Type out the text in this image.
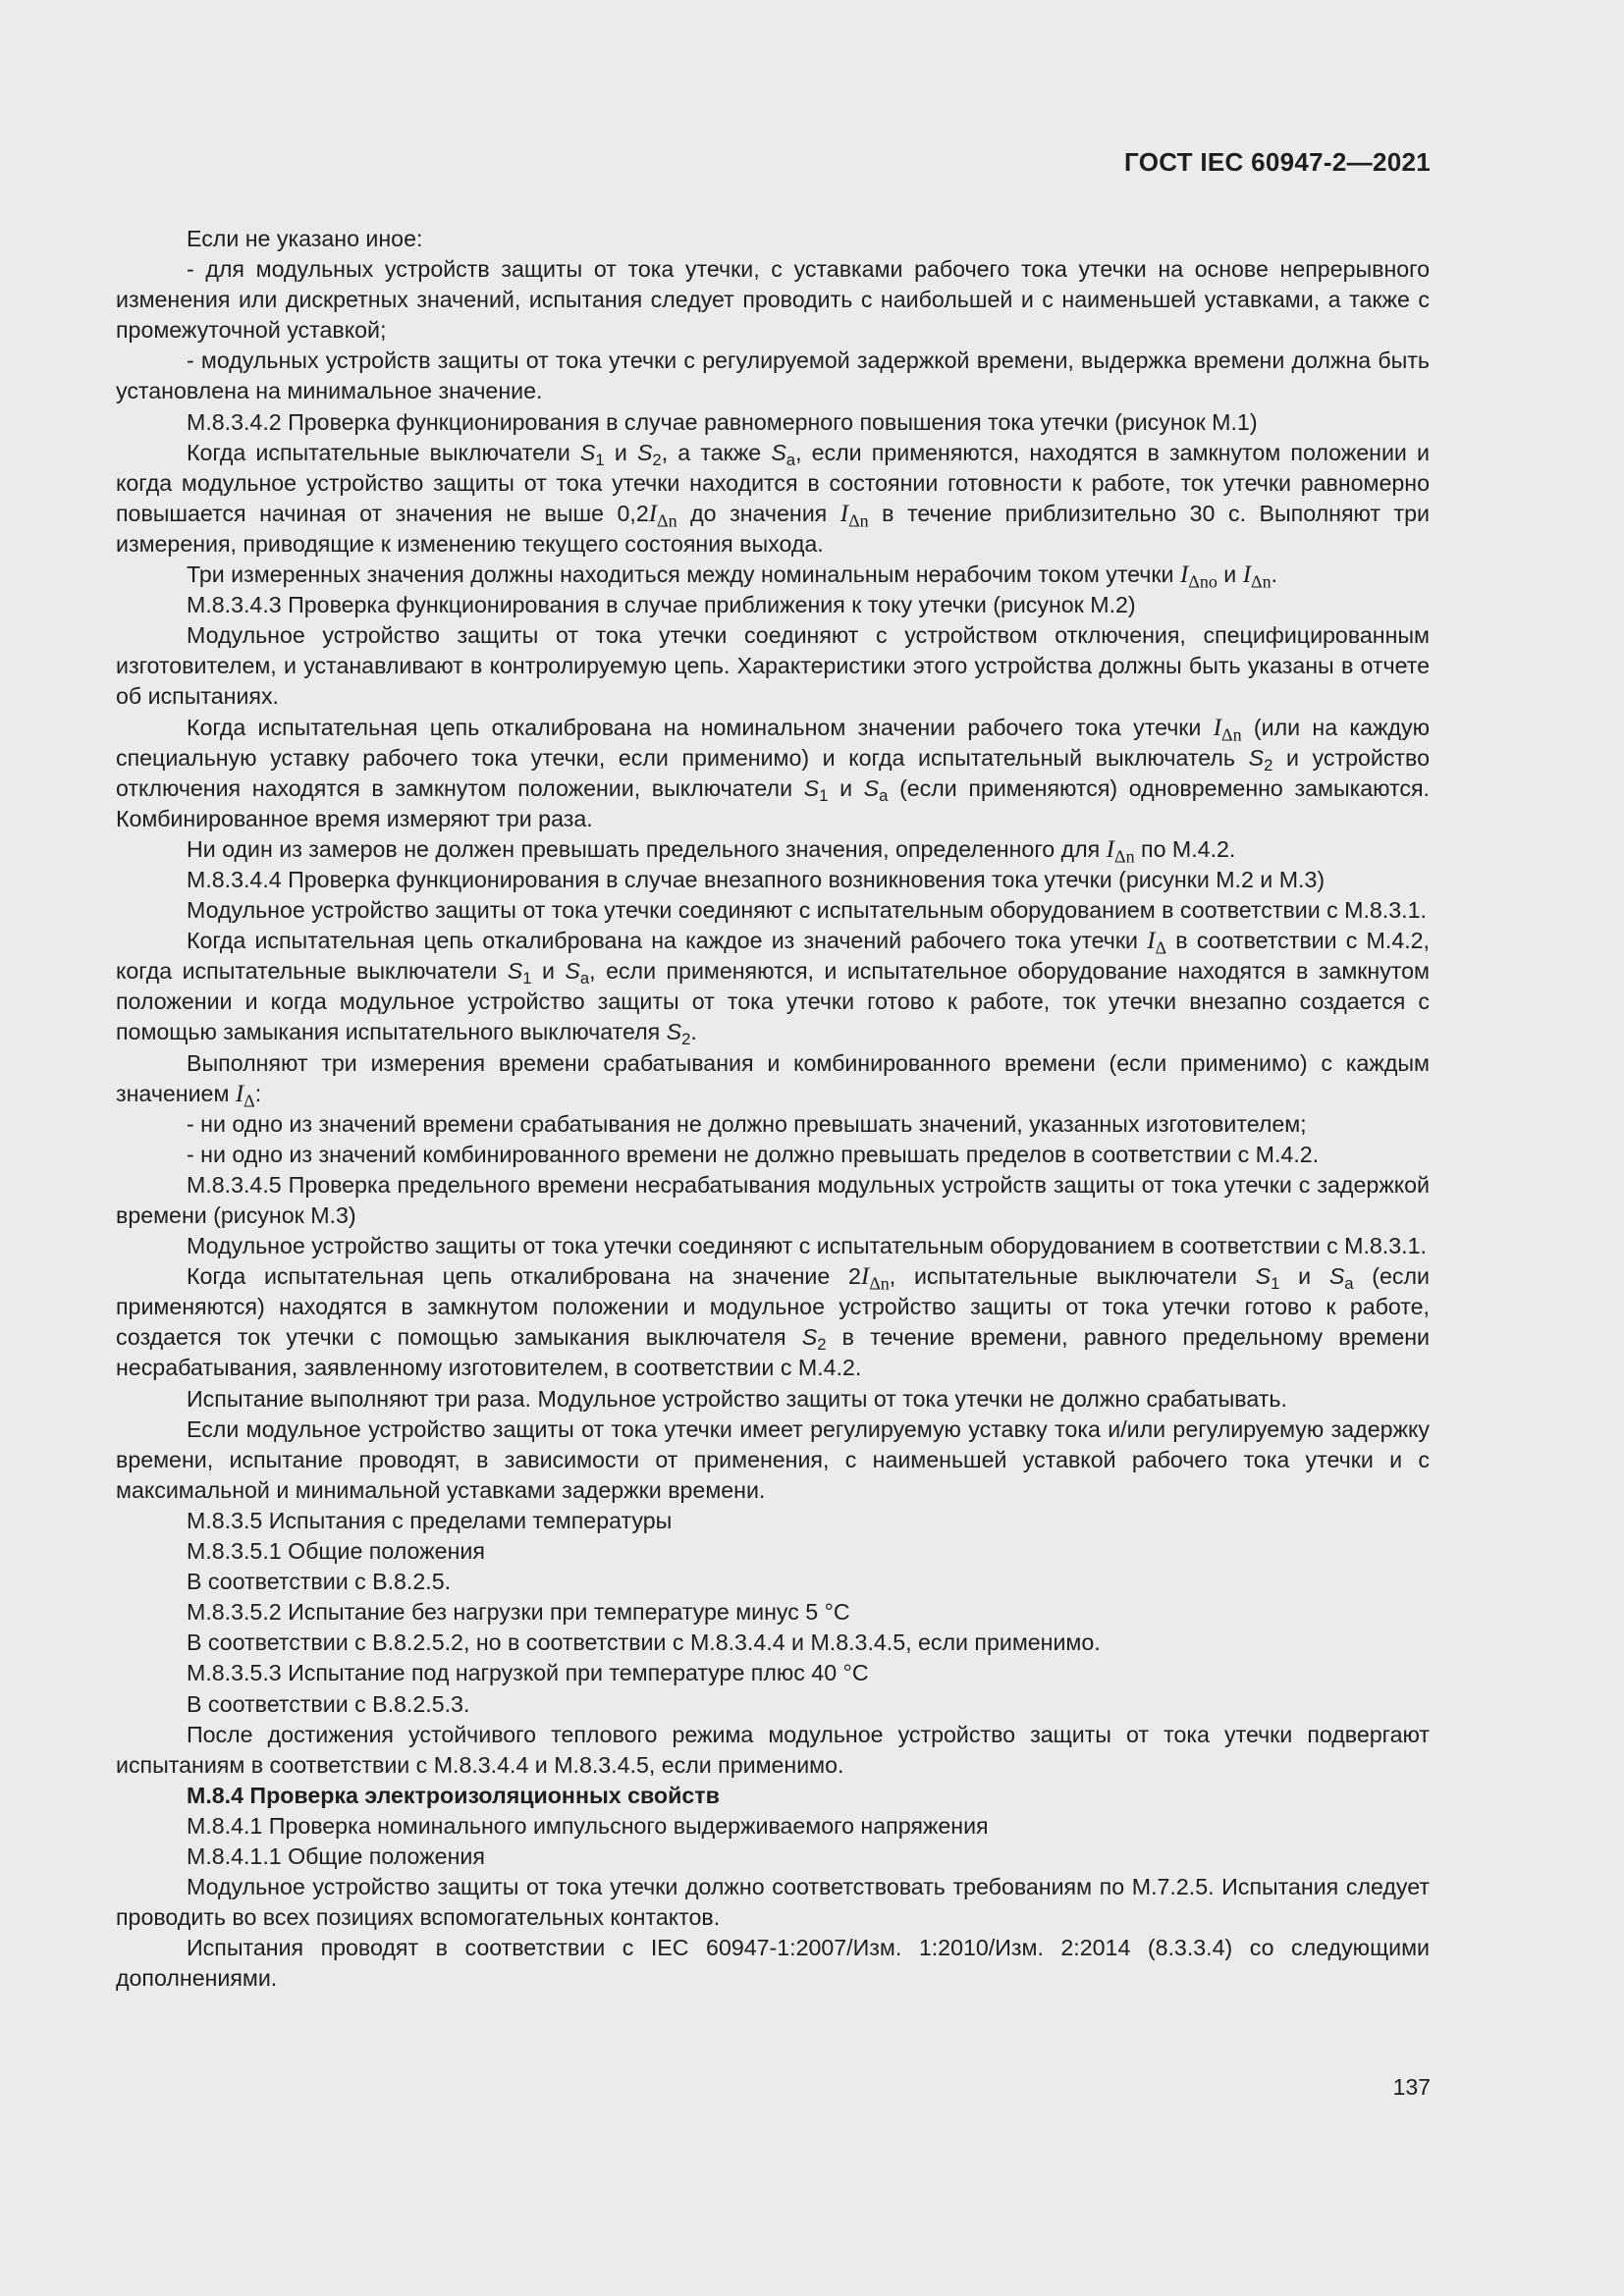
ГОСТ IEC 60947-2—2021

Если не указано иное:

- для модульных устройств защиты от тока утечки, с уставками рабочего тока утечки на основе непрерывного изменения или дискретных значений, испытания следует проводить с наибольшей и с наименьшей уставками, а также с промежуточной уставкой;

- модульных устройств защиты от тока утечки с регулируемой задержкой времени, выдержка времени должна быть установлена на минимальное значение.

М.8.3.4.2 Проверка функционирования в случае равномерного повышения тока утечки (рисунок М.1)

Когда испытательные выключатели $S_1$ и $S_2$, а также $S_a$, если применяются, находятся в замкнутом положении и когда модульное устройство защиты от тока утечки находится в состоянии готовности к работе, ток утечки равномерно повышается начиная от значения не выше $0,2I_{\Delta n}$ до значения $I_{\Delta n}$ в течение приблизительно 30 с. Выполняют три измерения, приводящие к изменению текущего состояния выхода.

Три измеренных значения должны находиться между номинальным нерабочим током утечки $I_{\Delta no}$ и $I_{\Delta n}$.

М.8.3.4.3 Проверка функционирования в случае приближения к току утечки (рисунок М.2)

Модульное устройство защиты от тока утечки соединяют с устройством отключения, специфицированным изготовителем, и устанавливают в контролируемую цепь. Характеристики этого устройства должны быть указаны в отчете об испытаниях.

Когда испытательная цепь откалибрована на номинальном значении рабочего тока утечки $I_{\Delta n}$ (или на каждую специальную уставку рабочего тока утечки, если применимо) и когда испытательный выключатель $S_2$ и устройство отключения находятся в замкнутом положении, выключатели $S_1$ и $S_a$ (если применяются) одновременно замыкаются. Комбинированное время измеряют три раза.

Ни один из замеров не должен превышать предельного значения, определенного для $I_{\Delta n}$ по М.4.2.

М.8.3.4.4 Проверка функционирования в случае внезапного возникновения тока утечки (рисунки М.2 и М.3)

Модульное устройство защиты от тока утечки соединяют с испытательным оборудованием в соответствии с М.8.3.1.

Когда испытательная цепь откалибрована на каждое из значений рабочего тока утечки $I_\Delta$ в соответствии с М.4.2, когда испытательные выключатели $S_1$ и $S_a$, если применяются, и испытательное оборудование находятся в замкнутом положении и когда модульное устройство защиты от тока утечки готово к работе, ток утечки внезапно создается с помощью замыкания испытательного выключателя $S_2$.

Выполняют три измерения времени срабатывания и комбинированного времени (если применимо) с каждым значением $I_\Delta$:

- ни одно из значений времени срабатывания не должно превышать значений, указанных изготовителем;

- ни одно из значений комбинированного времени не должно превышать пределов в соответствии с М.4.2.

М.8.3.4.5 Проверка предельного времени несрабатывания модульных устройств защиты от тока утечки с задержкой времени (рисунок М.3)

Модульное устройство защиты от тока утечки соединяют с испытательным оборудованием в соответствии с М.8.3.1.

Когда испытательная цепь откалибрована на значение $2I_{\Delta n}$, испытательные выключатели $S_1$ и $S_a$ (если применяются) находятся в замкнутом положении и модульное устройство защиты от тока утечки готово к работе, создается ток утечки с помощью замыкания выключателя $S_2$ в течение времени, равного предельному времени несрабатывания, заявленному изготовителем, в соответствии с М.4.2.

Испытание выполняют три раза. Модульное устройство защиты от тока утечки не должно срабатывать.

Если модульное устройство защиты от тока утечки имеет регулируемую уставку тока и/или регулируемую задержку времени, испытание проводят, в зависимости от применения, с наименьшей уставкой рабочего тока утечки и с максимальной и минимальной уставками задержки времени.

М.8.3.5 Испытания с пределами температуры

М.8.3.5.1 Общие положения

В соответствии с В.8.2.5.

М.8.3.5.2 Испытание без нагрузки при температуре минус 5 °С

В соответствии с В.8.2.5.2, но в соответствии с М.8.3.4.4 и М.8.3.4.5, если применимо.

М.8.3.5.3 Испытание под нагрузкой при температуре плюс 40 °С

В соответствии с В.8.2.5.3.

После достижения устойчивого теплового режима модульное устройство защиты от тока утечки подвергают испытаниям в соответствии с М.8.3.4.4 и М.8.3.4.5, если применимо.

М.8.4 Проверка электроизоляционных свойств

М.8.4.1 Проверка номинального импульсного выдерживаемого напряжения

М.8.4.1.1 Общие положения

Модульное устройство защиты от тока утечки должно соответствовать требованиям по М.7.2.5. Испытания следует проводить во всех позициях вспомогательных контактов.

Испытания проводят в соответствии с IEC 60947-1:2007/Изм. 1:2010/Изм. 2:2014 (8.3.3.4) со следующими дополнениями.

137
